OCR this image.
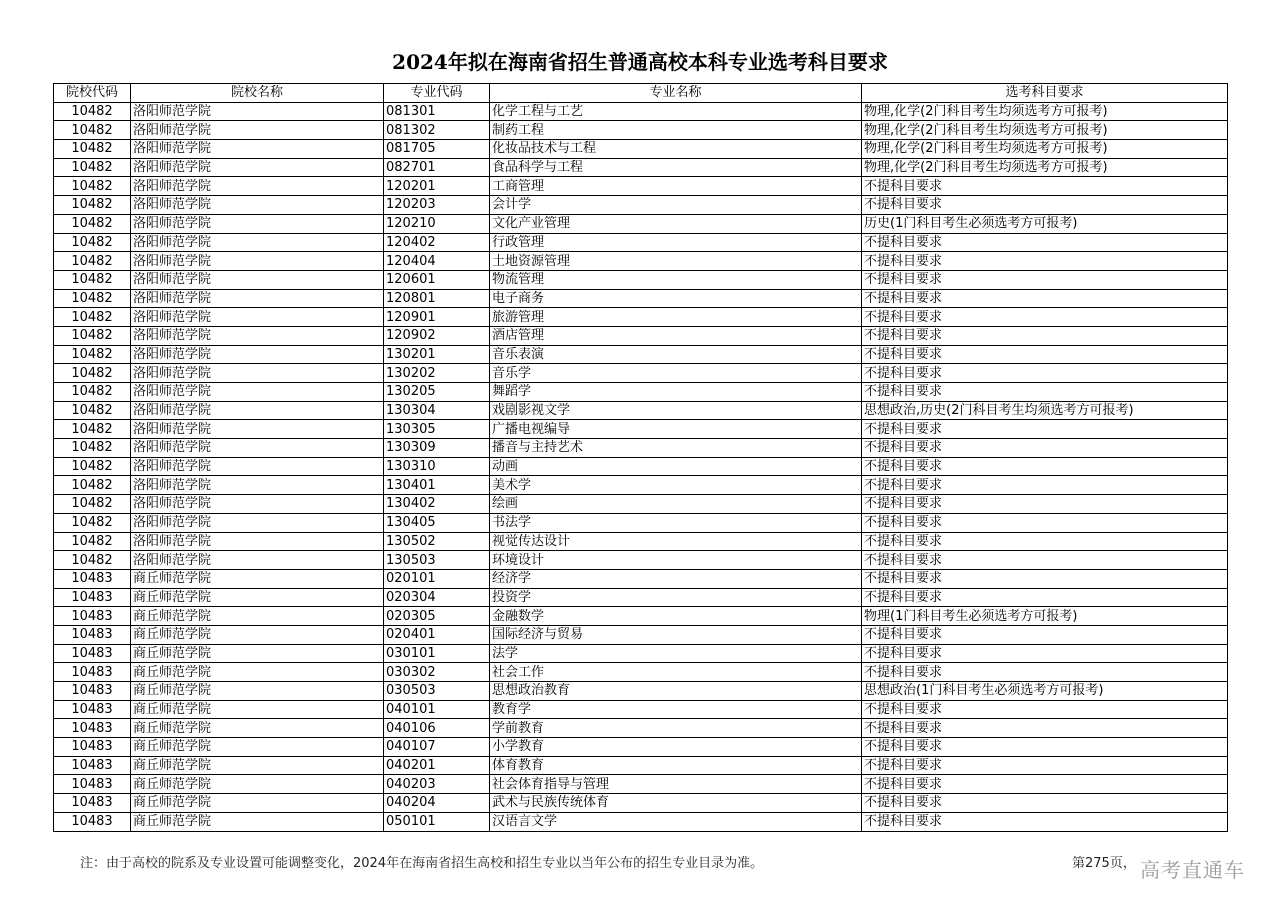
2024年拟在海南省招生普通高校本科专业选考科目要求
院校代码	院校名称	专业代码	专业名称	选考科目要求
10482	洛阳师范学院	081301	化学工程与工艺	物理,化学(2门科目考生均须选考方可报考)
10482	洛阳师范学院	081302	制药工程	物理,化学(2门科目考生均须选考方可报考)
10482	洛阳师范学院	081705	化妆品技术与工程	物理,化学(2门科目考生均须选考方可报考)
10482	洛阳师范学院	082701	食品科学与工程	物理,化学(2门科目考生均须选考方可报考)
10482	洛阳师范学院	120201	工商管理	不提科目要求
10482	洛阳师范学院	120203	会计学	不提科目要求
10482	洛阳师范学院	120210	文化产业管理	历史(1门科目考生必须选考方可报考)
10482	洛阳师范学院	120402	行政管理	不提科目要求
10482	洛阳师范学院	120404	土地资源管理	不提科目要求
10482	洛阳师范学院	120601	物流管理	不提科目要求
10482	洛阳师范学院	120801	电子商务	不提科目要求
10482	洛阳师范学院	120901	旅游管理	不提科目要求
10482	洛阳师范学院	120902	酒店管理	不提科目要求
10482	洛阳师范学院	130201	音乐表演	不提科目要求
10482	洛阳师范学院	130202	音乐学	不提科目要求
10482	洛阳师范学院	130205	舞蹈学	不提科目要求
10482	洛阳师范学院	130304	戏剧影视文学	思想政治,历史(2门科目考生均须选考方可报考)
10482	洛阳师范学院	130305	广播电视编导	不提科目要求
10482	洛阳师范学院	130309	播音与主持艺术	不提科目要求
10482	洛阳师范学院	130310	动画	不提科目要求
10482	洛阳师范学院	130401	美术学	不提科目要求
10482	洛阳师范学院	130402	绘画	不提科目要求
10482	洛阳师范学院	130405	书法学	不提科目要求
10482	洛阳师范学院	130502	视觉传达设计	不提科目要求
10482	洛阳师范学院	130503	环境设计	不提科目要求
10483	商丘师范学院	020101	经济学	不提科目要求
10483	商丘师范学院	020304	投资学	不提科目要求
10483	商丘师范学院	020305	金融数学	物理(1门科目考生必须选考方可报考)
10483	商丘师范学院	020401	国际经济与贸易	不提科目要求
10483	商丘师范学院	030101	法学	不提科目要求
10483	商丘师范学院	030302	社会工作	不提科目要求
10483	商丘师范学院	030503	思想政治教育	思想政治(1门科目考生必须选考方可报考)
10483	商丘师范学院	040101	教育学	不提科目要求
10483	商丘师范学院	040106	学前教育	不提科目要求
10483	商丘师范学院	040107	小学教育	不提科目要求
10483	商丘师范学院	040201	体育教育	不提科目要求
10483	商丘师范学院	040203	社会体育指导与管理	不提科目要求
10483	商丘师范学院	040204	武术与民族传统体育	不提科目要求
10483	商丘师范学院	050101	汉语言文学	不提科目要求
注：由于高校的院系及专业设置可能调整变化，2024年在海南省招生高校和招生专业以当年公布的招生专业目录为准。	第275页， 高考直通车
